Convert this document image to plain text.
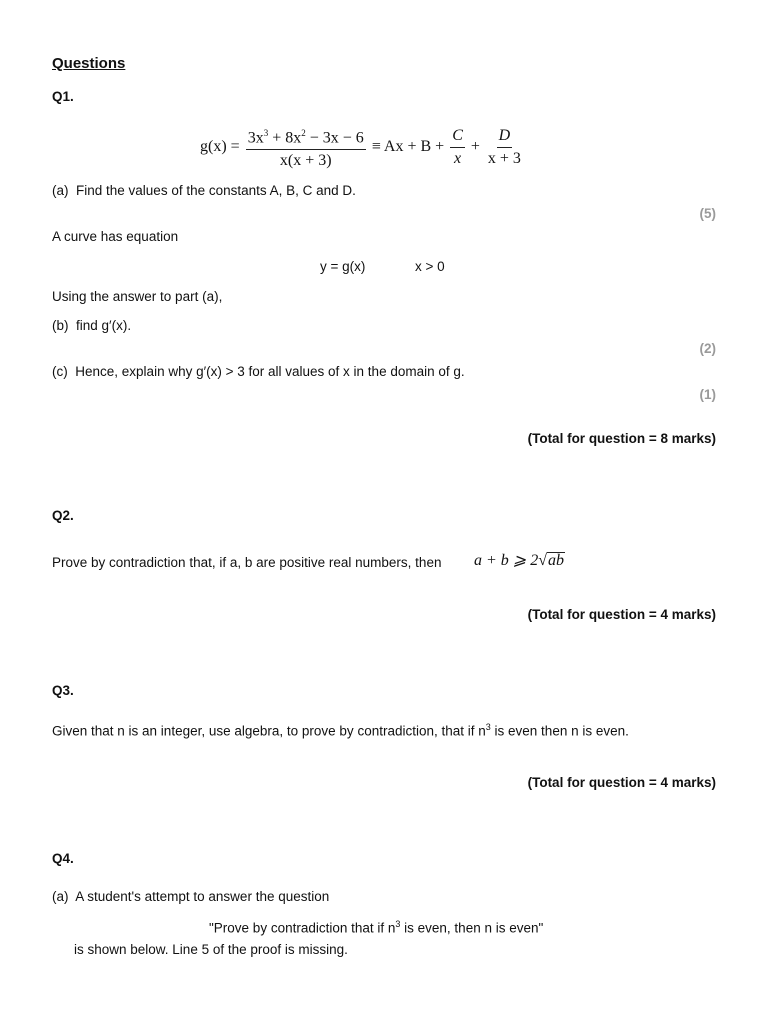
Questions
Q1.
$g(x) = \frac{3x^3 + 8x^2 - 3x - 6}{x(x + 3)} \equiv Ax + B + \frac{C}{x} + \frac{D}{x + 3}$
(a) Find the values of the constants A, B, C and D.
(5)
A curve has equation
y = g(x)	x > 0
Using the answer to part (a),
(b) find g′(x).
(2)
(c) Hence, explain why g′(x) > 3 for all values of x in the domain of g.
(1)
(Total for question = 8 marks)
Q2.
Prove by contradiction that, if a, b are positive real numbers, then a + b ⩾ 2√ab
(Total for question = 4 marks)
Q3.
Given that n is an integer, use algebra, to prove by contradiction, that if $n^3$ is even then n is even.
(Total for question = 4 marks)
Q4.
(a) A student's attempt to answer the question
"Prove by contradiction that if $n^3$ is even, then n is even"
is shown below. Line 5 of the proof is missing.
